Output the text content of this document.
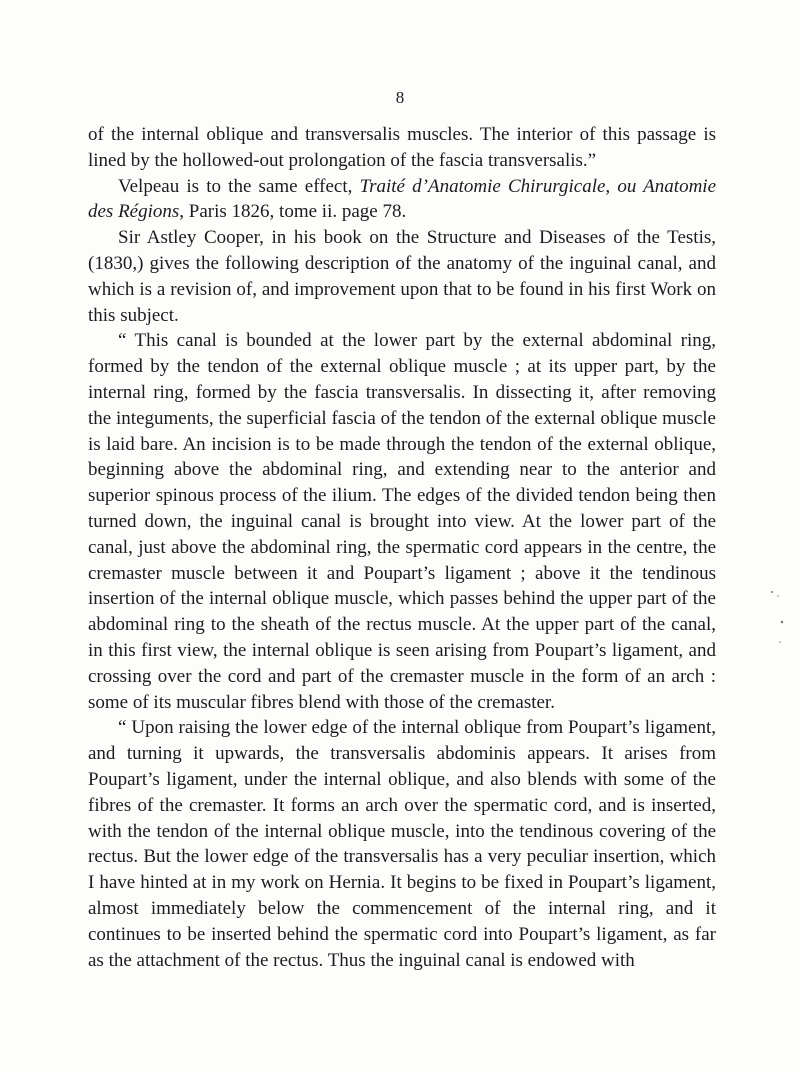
8

of the internal oblique and transversalis muscles. The interior of this passage is lined by the hollowed-out prolongation of the fascia transversalis.”

Velpeau is to the same effect, Traité d’Anatomie Chirurgicale, ou Anatomie des Régions, Paris 1826, tome ii. page 78.

Sir Astley Cooper, in his book on the Structure and Diseases of the Testis, (1830,) gives the following description of the anatomy of the inguinal canal, and which is a revision of, and improvement upon that to be found in his first Work on this subject.

“ This canal is bounded at the lower part by the external abdominal ring, formed by the tendon of the external oblique muscle ; at its upper part, by the internal ring, formed by the fascia transversalis. In dissecting it, after removing the integuments, the superficial fascia of the tendon of the external oblique muscle is laid bare. An incision is to be made through the tendon of the external oblique, beginning above the abdominal ring, and extending near to the anterior and superior spinous process of the ilium. The edges of the divided tendon being then turned down, the inguinal canal is brought into view. At the lower part of the canal, just above the abdominal ring, the spermatic cord appears in the centre, the cremaster muscle between it and Poupart’s ligament ; above it the tendinous insertion of the internal oblique muscle, which passes behind the upper part of the abdominal ring to the sheath of the rectus muscle. At the upper part of the canal, in this first view, the internal oblique is seen arising from Poupart’s ligament, and crossing over the cord and part of the cremaster muscle in the form of an arch : some of its muscular fibres blend with those of the cremaster.

“ Upon raising the lower edge of the internal oblique from Poupart’s ligament, and turning it upwards, the transversalis abdominis appears. It arises from Poupart’s ligament, under the internal oblique, and also blends with some of the fibres of the cremaster. It forms an arch over the spermatic cord, and is inserted, with the tendon of the internal oblique muscle, into the tendinous covering of the rectus. But the lower edge of the transversalis has a very peculiar insertion, which I have hinted at in my work on Hernia. It begins to be fixed in Poupart’s ligament, almost immediately below the commencement of the internal ring, and it continues to be inserted behind the spermatic cord into Poupart’s ligament, as far as the attachment of the rectus. Thus the inguinal canal is endowed with
